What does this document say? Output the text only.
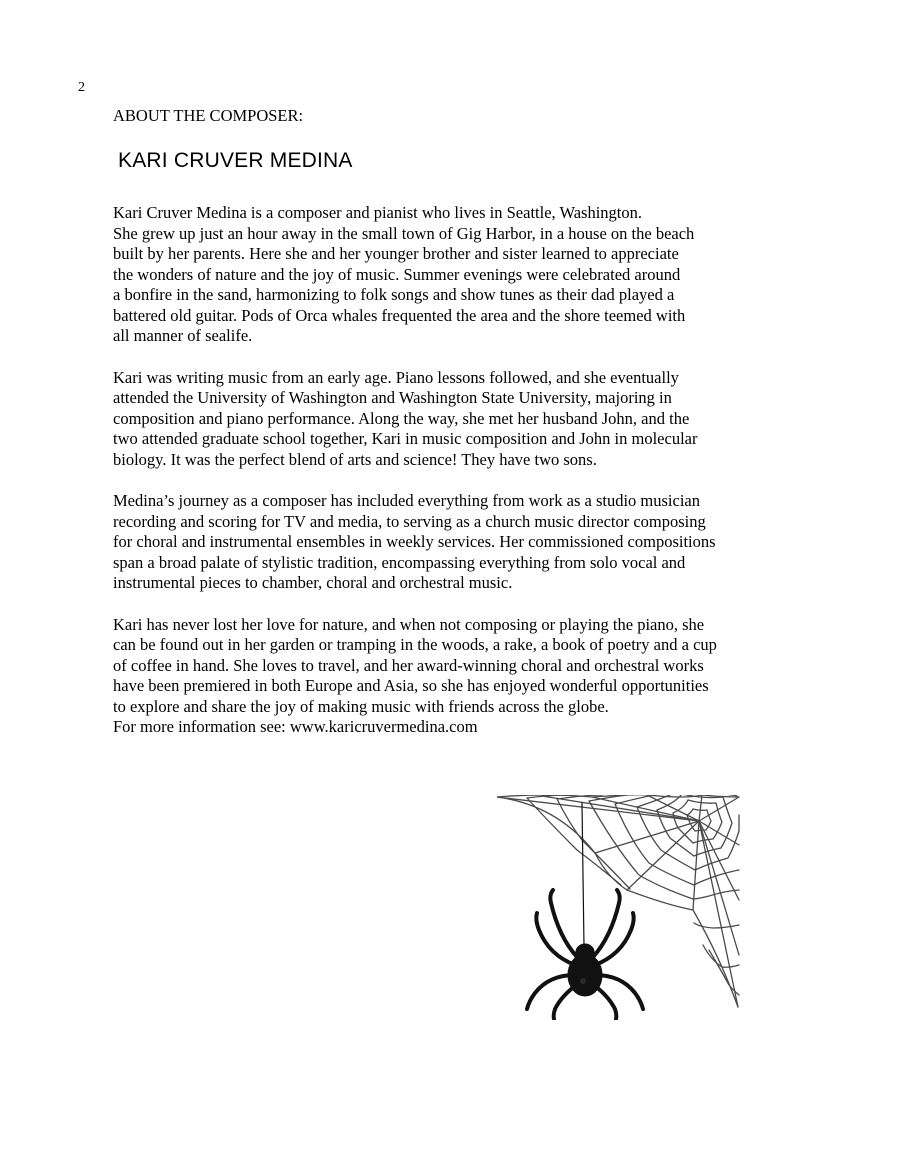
2
ABOUT THE COMPOSER:
KARI CRUVER MEDINA

Kari Cruver Medina is a composer and pianist who lives in Seattle, Washington.
She grew up just an hour away in the small town of Gig Harbor, in a house on the beach
built by her parents. Here she and her younger brother and sister learned to appreciate
the wonders of nature and the joy of music. Summer evenings were celebrated around
a bonfire in the sand, harmonizing to folk songs and show tunes as their dad played a
battered old guitar. Pods of Orca whales frequented the area and the shore teemed with
all manner of sealife.

Kari was writing music from an early age. Piano lessons followed, and she eventually
attended the University of Washington and Washington State University, majoring in
composition and piano performance. Along the way, she met her husband John, and the
two attended graduate school together, Kari in music composition and John in molecular
biology. It was the perfect blend of arts and science! They have two sons.

Medina’s journey as a composer has included everything from work as a studio musician
recording and scoring for TV and media, to serving as a church music director composing
for choral and instrumental ensembles in weekly services. Her commissioned compositions
span a broad palate of stylistic tradition, encompassing everything from solo vocal and
instrumental pieces to chamber, choral and orchestral music.

Kari has never lost her love for nature, and when not composing or playing the piano, she
can be found out in her garden or tramping in the woods, a rake, a book of poetry and a cup
of coffee in hand. She loves to travel, and her award-winning choral and orchestral works
have been premiered in both Europe and Asia, so she has enjoyed wonderful opportunities
to explore and share the joy of making music with friends across the globe.
For more information see: www.karicruvermedina.com
